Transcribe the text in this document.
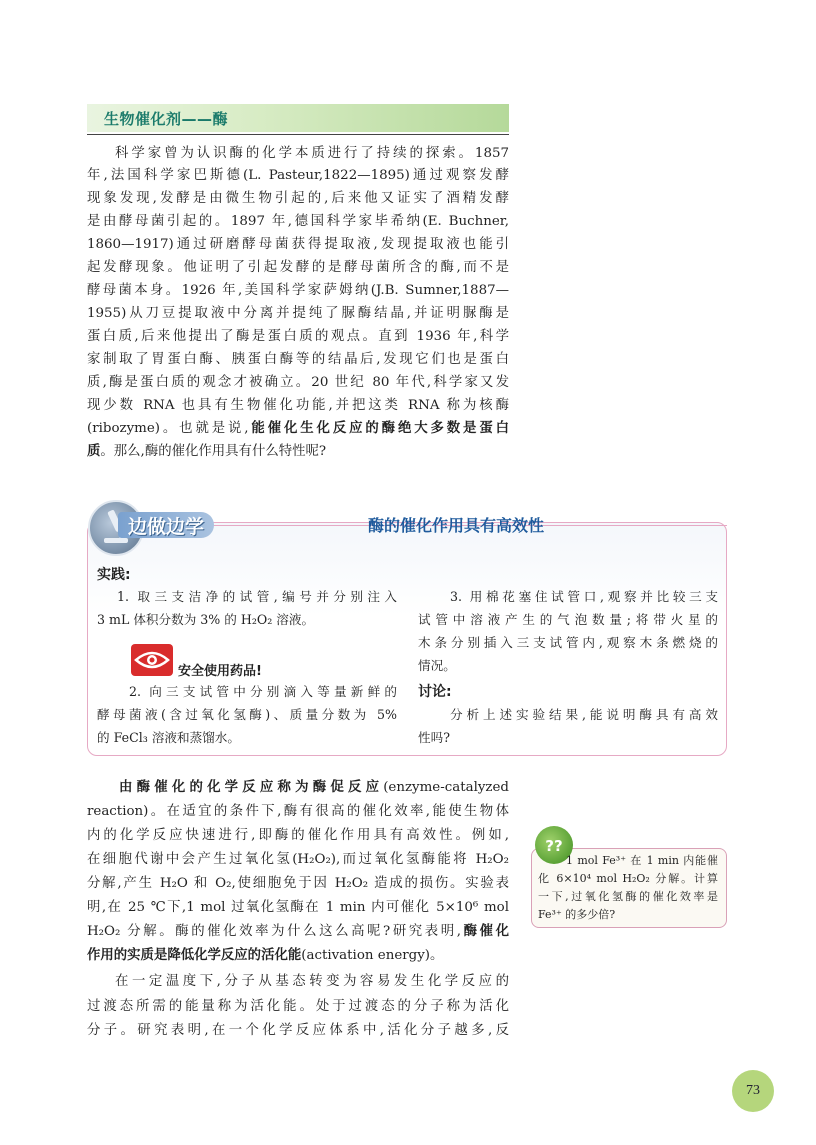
生物催化剂——酶
科学家曾为认识酶的化学本质进行了持续的探索。1857
年,法国科学家巴斯德(L. Pasteur,1822—1895)通过观察发酵
现象发现,发酵是由微生物引起的,后来他又证实了酒精发酵
是由酵母菌引起的。1897 年,德国科学家毕希纳(E. Buchner,
1860—1917)通过研磨酵母菌获得提取液,发现提取液也能引
起发酵现象。他证明了引起发酵的是酵母菌所含的酶,而不是
酵母菌本身。1926 年,美国科学家萨姆纳(J.B. Sumner,1887—
1955)从刀豆提取液中分离并提纯了脲酶结晶,并证明脲酶是
蛋白质,后来他提出了酶是蛋白质的观点。直到 1936 年,科学
家制取了胃蛋白酶、胰蛋白酶等的结晶后,发现它们也是蛋白
质,酶是蛋白质的观念才被确立。20 世纪 80 年代,科学家又发
现少数 RNA 也具有生物催化功能,并把这类 RNA 称为核酶
(ribozyme)。也就是说,能催化生化反应的酶绝大多数是蛋白
质。那么,酶的催化作用具有什么特性呢?
边做边学	酶的催化作用具有高效性
实践:
1. 取三支洁净的试管,编号并分别注入
3 mL 体积分数为 3% 的 H₂O₂ 溶液。
安全使用药品!
2. 向三支试管中分别滴入等量新鲜的
酵母菌液(含过氧化氢酶)、质量分数为 5%
的 FeCl₃ 溶液和蒸馏水。
3. 用棉花塞住试管口,观察并比较三支
试管中溶液产生的气泡数量;将带火星的
木条分别插入三支试管内,观察木条燃烧的
情况。
讨论:
分析上述实验结果,能说明酶具有高效
性吗?
由酶催化的化学反应称为酶促反应(enzyme-catalyzed
reaction)。在适宜的条件下,酶有很高的催化效率,能使生物体
内的化学反应快速进行,即酶的催化作用具有高效性。例如,
在细胞代谢中会产生过氧化氢(H₂O₂),而过氧化氢酶能将 H₂O₂
分解,产生 H₂O 和 O₂,使细胞免于因 H₂O₂ 造成的损伤。实验表
明,在 25 ℃下,1 mol 过氧化氢酶在 1 min 内可催化 5×10⁶ mol
H₂O₂ 分解。酶的催化效率为什么这么高呢?研究表明,酶催化
作用的实质是降低化学反应的活化能(activation energy)。
在一定温度下,分子从基态转变为容易发生化学反应的
过渡态所需的能量称为活化能。处于过渡态的分子称为活化
分子。研究表明,在一个化学反应体系中,活化分子越多,反
??
1 mol Fe³⁺ 在 1 min 内能催
化 6×10⁴ mol H₂O₂ 分解。计算
一下,过氧化氢酶的催化效率是
Fe³⁺ 的多少倍?
73
